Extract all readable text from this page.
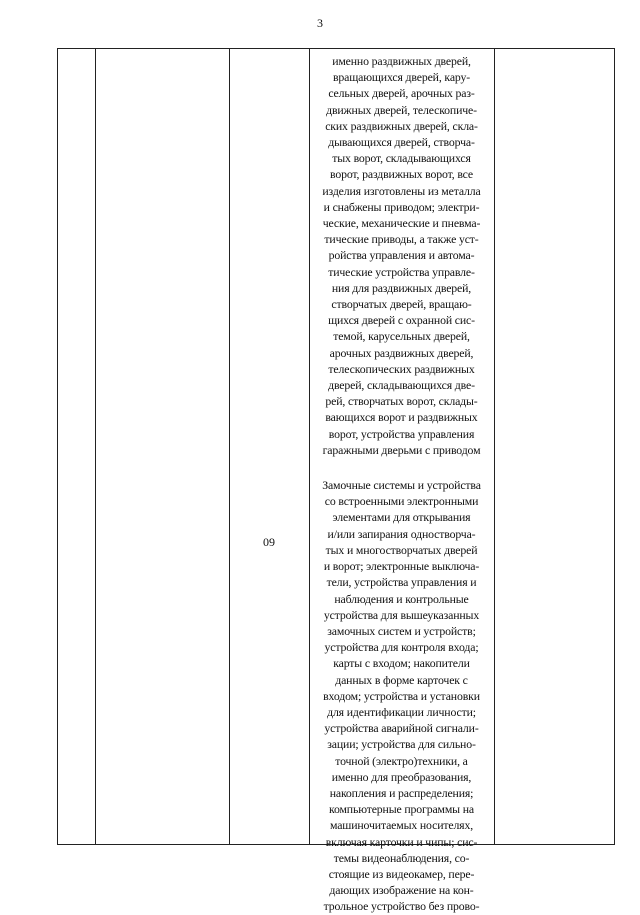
3
09
именно раздвижных дверей,
вращающихся дверей, кару-
сельных дверей, арочных раз-
движных дверей, телескопиче-
ских раздвижных дверей, скла-
дывающихся дверей, створча-
тых ворот, складывающихся
ворот, раздвижных ворот, все
изделия изготовлены из металла
и снабжены приводом; электри-
ческие, механические и пневма-
тические приводы, а также уст-
ройства управления и автома-
тические устройства управле-
ния для раздвижных дверей,
створчатых дверей, вращаю-
щихся дверей с охранной сис-
темой, карусельных дверей,
арочных раздвижных дверей,
телескопических раздвижных
дверей, складывающихся две-
рей, створчатых ворот, склады-
вающихся ворот и раздвижных
ворот, устройства управления
гаражными дверьми с приводом
Замочные системы и устройства
со встроенными электронными
элементами для открывания
и/или запирания одностворча-
тых и многостворчатых дверей
и ворот; электронные выключа-
тели, устройства управления и
наблюдения и контрольные
устройства для вышеуказанных
замочных систем и устройств;
устройства для контроля входа;
карты с входом; накопители
данных в форме карточек с
входом; устройства и установки
для идентификации личности;
устройства аварийной сигнали-
зации; устройства для сильно-
точной (электро)техники, а
именно для преобразования,
накопления и распределения;
компьютерные программы на
машиночитаемых носителях,
включая карточки и чипы; сис-
темы видеонаблюдения, со-
стоящие из видеокамер, пере-
дающих изображение на кон-
трольное устройство без прово-
